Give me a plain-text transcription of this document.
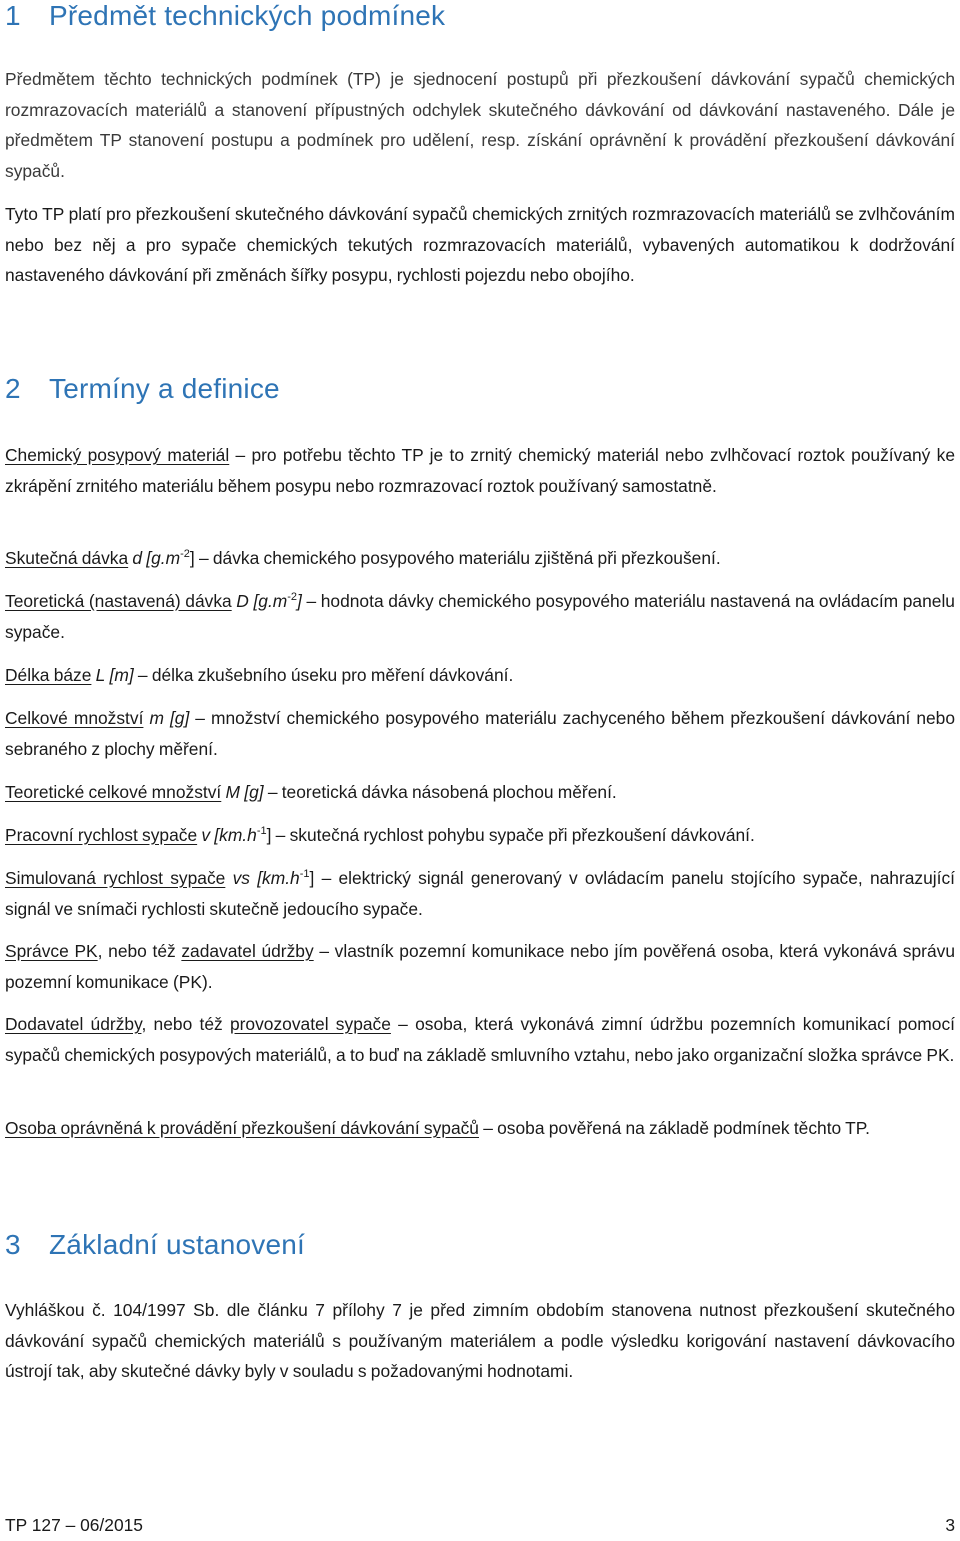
1 Předmět technických podmínek

Předmětem těchto technických podmínek (TP) je sjednocení postupů při přezkoušení dávkování sypačů chemických rozmrazovacích materiálů a stanovení přípustných odchylek skutečného dávkování od dávkování nastaveného. Dále je předmětem TP stanovení postupu a podmínek pro udělení, resp. získání oprávnění k provádění přezkoušení dávkování sypačů.

Tyto TP platí pro přezkoušení skutečného dávkování sypačů chemických zrnitých rozmrazovacích materiálů se zvlhčováním nebo bez něj a pro sypače chemických tekutých rozmrazovacích materiálů, vybavených automatikou k dodržování nastaveného dávkování při změnách šířky posypu, rychlosti pojezdu nebo obojího.

2 Termíny a definice

Chemický posypový materiál – pro potřebu těchto TP je to zrnitý chemický materiál nebo zvlhčovací roztok používaný ke zkrápění zrnitého materiálu během posypu nebo rozmrazovací roztok používaný samostatně.

Skutečná dávka d $[g.m^{-2}]$ – dávka chemického posypového materiálu zjištěná při přezkoušení.

Teoretická (nastavená) dávka D $[g.m^{-2}]$ – hodnota dávky chemického posypového materiálu nastavená na ovládacím panelu sypače.

Délka báze L [m] – délka zkušebního úseku pro měření dávkování.

Celkové množství m [g] – množství chemického posypového materiálu zachyceného během přezkoušení dávkování nebo sebraného z plochy měření.

Teoretické celkové množství M [g] – teoretická dávka násobená plochou měření.

Pracovní rychlost sypače v $[km.h^{-1}]$ – skutečná rychlost pohybu sypače při přezkoušení dávkování.

Simulovaná rychlost sypače vs $[km.h^{-1}]$ – elektrický signál generovaný v ovládacím panelu stojícího sypače, nahrazující signál ve snímači rychlosti skutečně jedoucího sypače.

Správce PK, nebo též zadavatel údržby – vlastník pozemní komunikace nebo jím pověřená osoba, která vykonává správu pozemní komunikace (PK).

Dodavatel údržby, nebo též provozovatel sypače – osoba, která vykonává zimní údržbu pozemních komunikací pomocí sypačů chemických posypových materiálů, a to buď na základě smluvního vztahu, nebo jako organizační složka správce PK.

Osoba oprávněná k provádění přezkoušení dávkování sypačů – osoba pověřená na základě podmínek těchto TP.

3 Základní ustanovení

Vyhláškou č. 104/1997 Sb. dle článku 7 přílohy 7 je před zimním obdobím stanovena nutnost přezkoušení skutečného dávkování sypačů chemických materiálů s používaným materiálem a podle výsledku korigování nastavení dávkovacího ústrojí tak, aby skutečné dávky byly v souladu s požadovanými hodnotami.

TP 127 – 06/2015	3
